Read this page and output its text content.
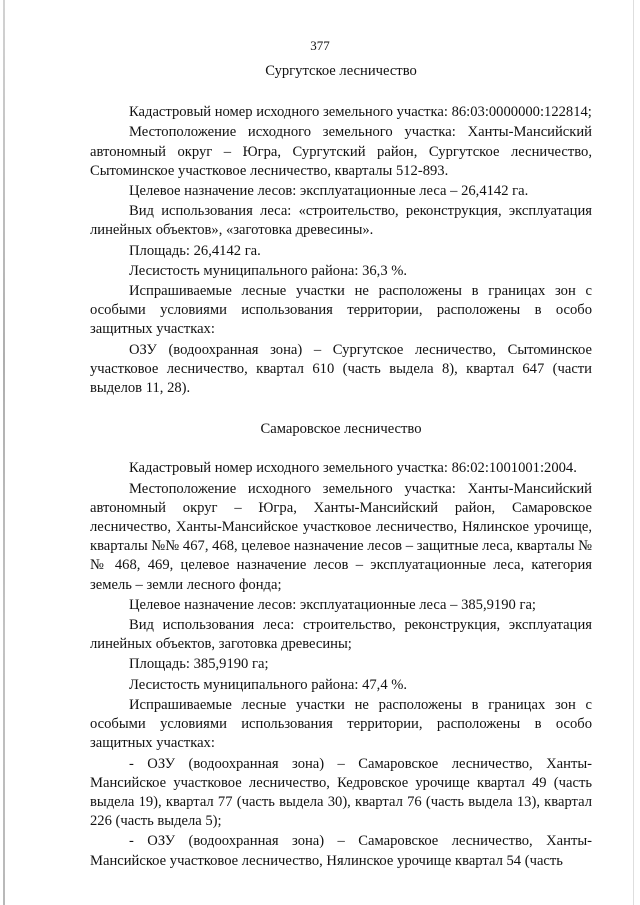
377

Сургутское лесничество

Кадастровый номер исходного земельного участка: 86:03:0000000:122814;

Местоположение исходного земельного участка: Ханты-Мансийский автономный округ – Югра, Сургутский район, Сургутское лесничество, Сытоминское участковое лесничество, кварталы 512-893.

Целевое назначение лесов: эксплуатационные леса – 26,4142 га.

Вид использования леса: «строительство, реконструкция, эксплуатация линейных объектов», «заготовка древесины».

Площадь: 26,4142 га.

Лесистость муниципального района: 36,3 %.

Испрашиваемые лесные участки не расположены в границах зон с особыми условиями использования территории, расположены в особо защитных участках:

ОЗУ (водоохранная зона) – Сургутское лесничество, Сытоминское участковое лесничество, квартал 610 (часть выдела 8), квартал 647 (части выделов 11, 28).

Самаровское лесничество

Кадастровый номер исходного земельного участка: 86:02:1001001:2004.

Местоположение исходного земельного участка: Ханты-Мансийский автономный округ – Югра, Ханты-Мансийский район, Самаровское лесничество, Ханты-Мансийское участковое лесничество, Нялинское урочище, кварталы №№ 467, 468, целевое назначение лесов – защитные леса, кварталы №№ 468, 469, целевое назначение лесов – эксплуатационные леса, категория земель – земли лесного фонда;

Целевое назначение лесов: эксплуатационные леса – 385,9190 га;

Вид использования леса: строительство, реконструкция, эксплуатация линейных объектов, заготовка древесины;

Площадь: 385,9190 га;

Лесистость муниципального района: 47,4 %.

Испрашиваемые лесные участки не расположены в границах зон с особыми условиями использования территории, расположены в особо защитных участках:

- ОЗУ (водоохранная зона) – Самаровское лесничество, Ханты-Мансийское участковое лесничество, Кедровское урочище квартал 49 (часть выдела 19), квартал 77 (часть выдела 30), квартал 76 (часть выдела 13), квартал 226 (часть выдела 5);

- ОЗУ (водоохранная зона) – Самаровское лесничество, Ханты-Мансийское участковое лесничество, Нялинское урочище квартал 54 (часть
